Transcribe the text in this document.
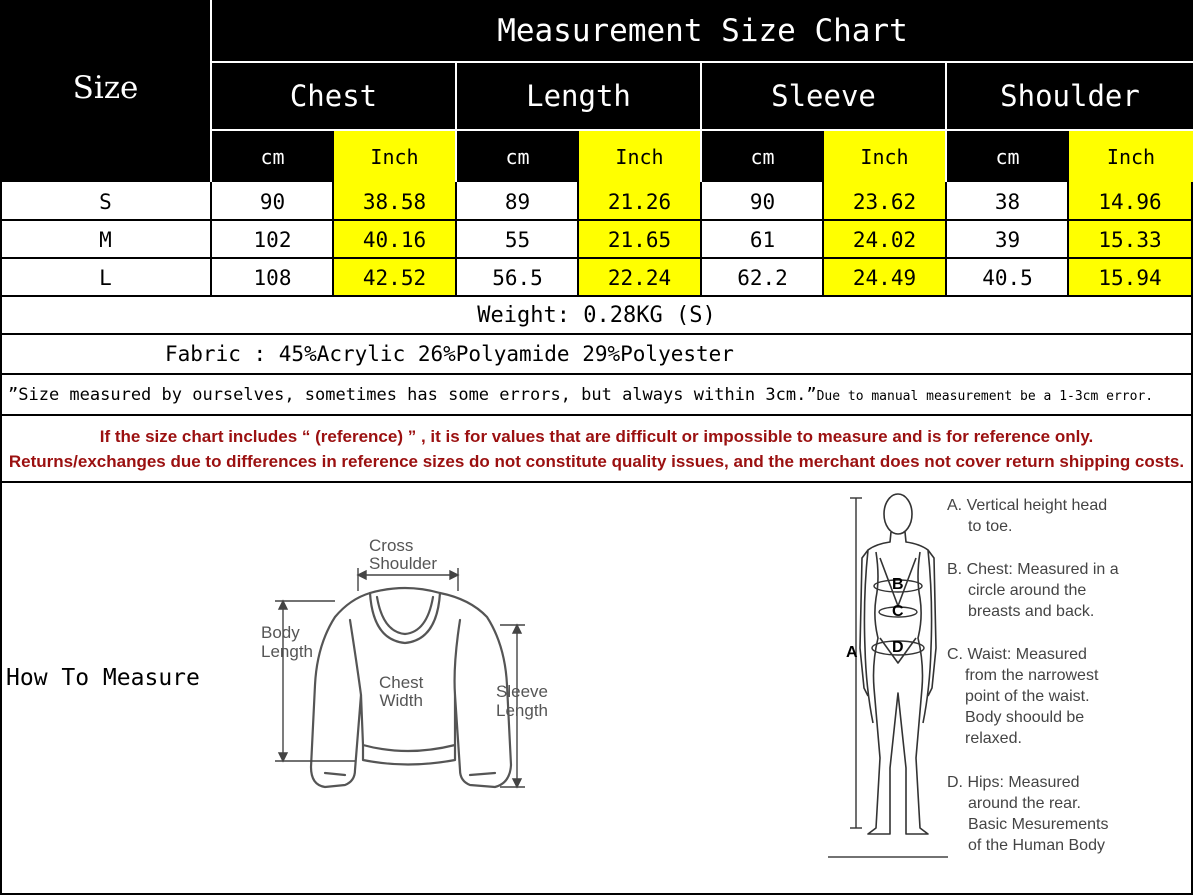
Size
Measurement Size Chart
Chest	Length	Sleeve	Shoulder
cm	Inch	cm	Inch	cm	Inch	cm	Inch
S	90	38.58	89	21.26	90	23.62	38	14.96
M	102	40.16	55	21.65	61	24.02	39	15.33
L	108	42.52	56.5	22.24	62.2	24.49	40.5	15.94
Weight: 0.28KG (S)
Fabric : 45%Acrylic 26%Polyamide 29%Polyester
”Size measured by ourselves, sometimes has some errors, but always within 3cm.”Due to manual measurement be a 1-3cm error.
If the size chart includes “ (reference) ” , it is for values that are difficult or impossible to measure and is for reference only.
Returns/exchanges due to differences in reference sizes do not constitute quality issues, and the merchant does not cover return shipping costs.
How To Measure
Cross
Shoulder
Body
Length
Chest
Width	Sleeve
Length
A
B
C
D
A. Vertical height head
to toe.
B. Chest: Measured in a
circle around the
breasts and back.
C. Waist: Measured
from the narrowest
point of the waist.
Body shoould be
relaxed.
D. Hips: Measured
around the rear.
Basic Mesurements
of the Human Body
